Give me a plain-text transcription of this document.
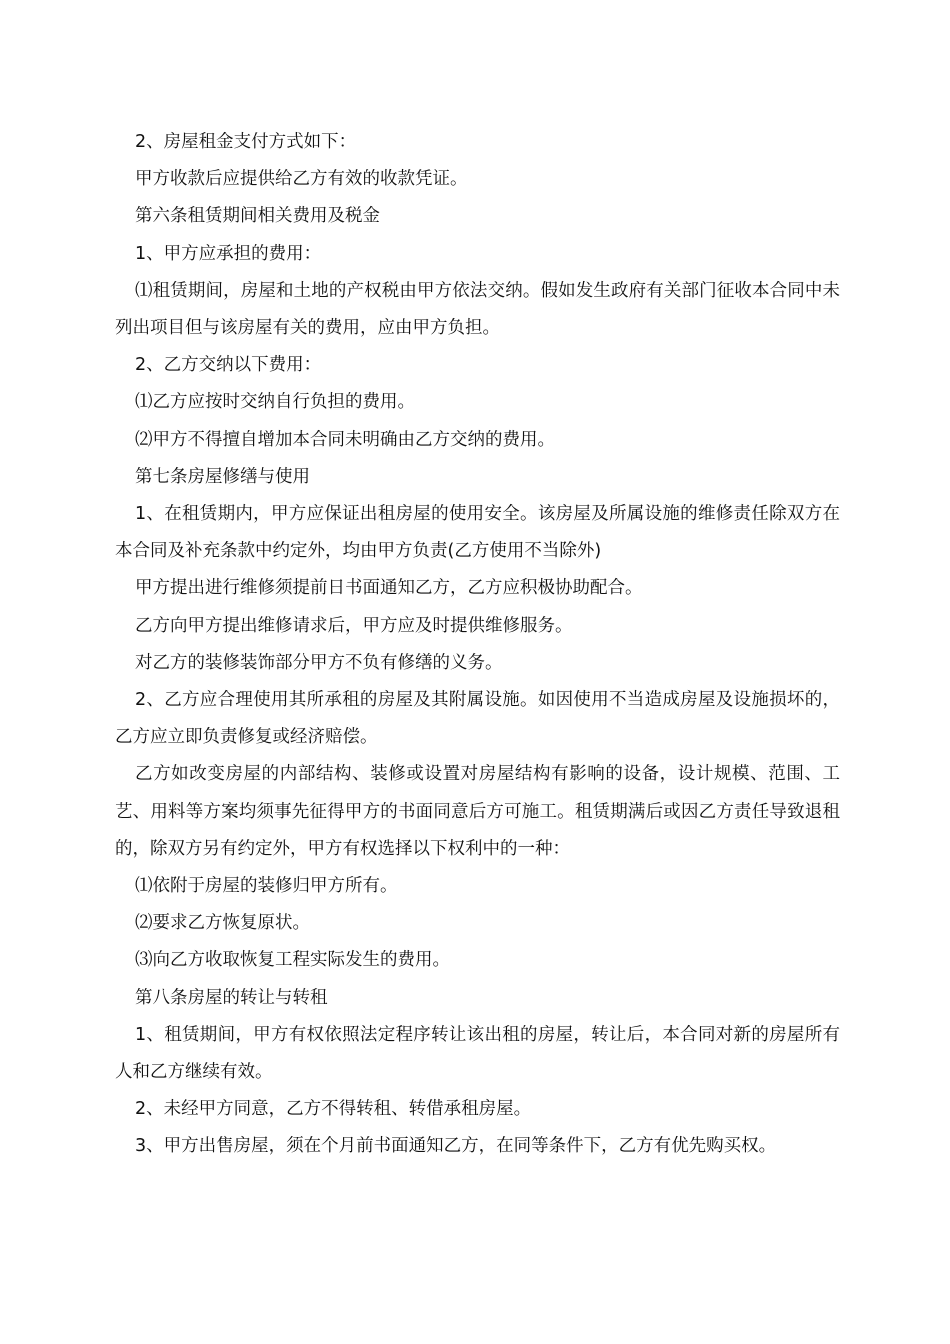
2、房屋租金支付方式如下：

甲方收款后应提供给乙方有效的收款凭证。

第六条租赁期间相关费用及税金

1、甲方应承担的费用：

⑴租赁期间，房屋和土地的产权税由甲方依法交纳。假如发生政府有关部门征收本合同中未列出项目但与该房屋有关的费用，应由甲方负担。

2、乙方交纳以下费用：

⑴乙方应按时交纳自行负担的费用。

⑵甲方不得擅自增加本合同未明确由乙方交纳的费用。

第七条房屋修缮与使用

1、在租赁期内，甲方应保证出租房屋的使用安全。该房屋及所属设施的维修责任除双方在本合同及补充条款中约定外，均由甲方负责(乙方使用不当除外)

甲方提出进行维修须提前日书面通知乙方，乙方应积极协助配合。

乙方向甲方提出维修请求后，甲方应及时提供维修服务。

对乙方的装修装饰部分甲方不负有修缮的义务。

2、乙方应合理使用其所承租的房屋及其附属设施。如因使用不当造成房屋及设施损坏的，乙方应立即负责修复或经济赔偿。

乙方如改变房屋的内部结构、装修或设置对房屋结构有影响的设备，设计规模、范围、工艺、用料等方案均须事先征得甲方的书面同意后方可施工。租赁期满后或因乙方责任导致退租的，除双方另有约定外，甲方有权选择以下权利中的一种：

⑴依附于房屋的装修归甲方所有。

⑵要求乙方恢复原状。

⑶向乙方收取恢复工程实际发生的费用。

第八条房屋的转让与转租

1、租赁期间，甲方有权依照法定程序转让该出租的房屋，转让后，本合同对新的房屋所有人和乙方继续有效。

2、未经甲方同意，乙方不得转租、转借承租房屋。

3、甲方出售房屋，须在个月前书面通知乙方，在同等条件下，乙方有优先购买权。
